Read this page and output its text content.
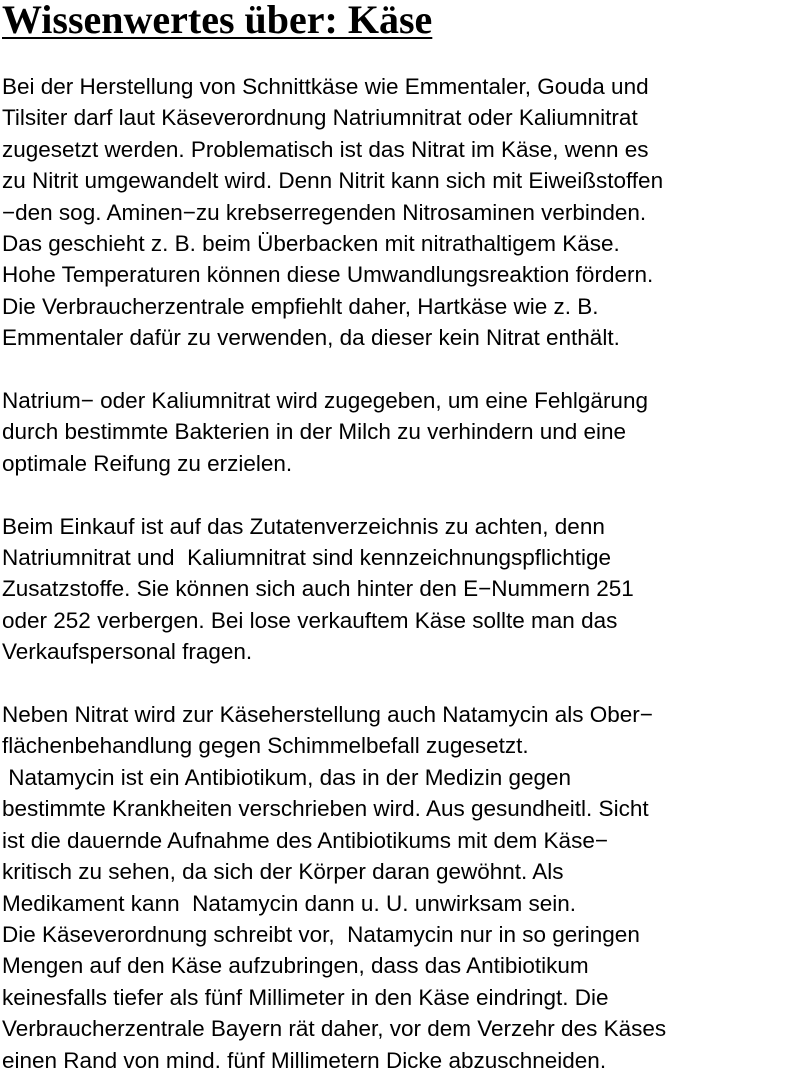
Wissenwertes über: Käse

Bei der Herstellung von Schnittkäse wie Emmentaler, Gouda und
Tilsiter darf laut Käseverordnung Natriumnitrat oder Kaliumnitrat
zugesetzt werden. Problematisch ist das Nitrat im Käse, wenn es
zu Nitrit umgewandelt wird. Denn Nitrit kann sich mit Eiweißstoffen
−den sog. Aminen−zu krebserregenden Nitrosaminen verbinden.
Das geschieht z. B. beim Überbacken mit nitrathaltigem Käse.
Hohe Temperaturen können diese Umwandlungsreaktion fördern.
Die Verbraucherzentrale empfiehlt daher, Hartkäse wie z. B.
Emmentaler dafür zu verwenden, da dieser kein Nitrat enthält.

Natrium− oder Kaliumnitrat wird zugegeben, um eine Fehlgärung
durch bestimmte Bakterien in der Milch zu verhindern und eine
optimale Reifung zu erzielen.

Beim Einkauf ist auf das Zutatenverzeichnis zu achten, denn
Natriumnitrat und  Kaliumnitrat sind kennzeichnungspflichtige
Zusatzstoffe. Sie können sich auch hinter den E−Nummern 251
oder 252 verbergen. Bei lose verkauftem Käse sollte man das
Verkaufspersonal fragen.

Neben Nitrat wird zur Käseherstellung auch Natamycin als Ober−
flächenbehandlung gegen Schimmelbefall zugesetzt.
Natamycin ist ein Antibiotikum, das in der Medizin gegen
bestimmte Krankheiten verschrieben wird. Aus gesundheitl. Sicht
ist die dauernde Aufnahme des Antibiotikums mit dem Käse−
kritisch zu sehen, da sich der Körper daran gewöhnt. Als
Medikament kann  Natamycin dann u. U. unwirksam sein.
Die Käseverordnung schreibt vor,  Natamycin nur in so geringen
Mengen auf den Käse aufzubringen, dass das Antibiotikum
keinesfalls tiefer als fünf Millimeter in den Käse eindringt. Die
Verbraucherzentrale Bayern rät daher, vor dem Verzehr des Käses
einen Rand von mind. fünf Millimetern Dicke abzuschneiden.
